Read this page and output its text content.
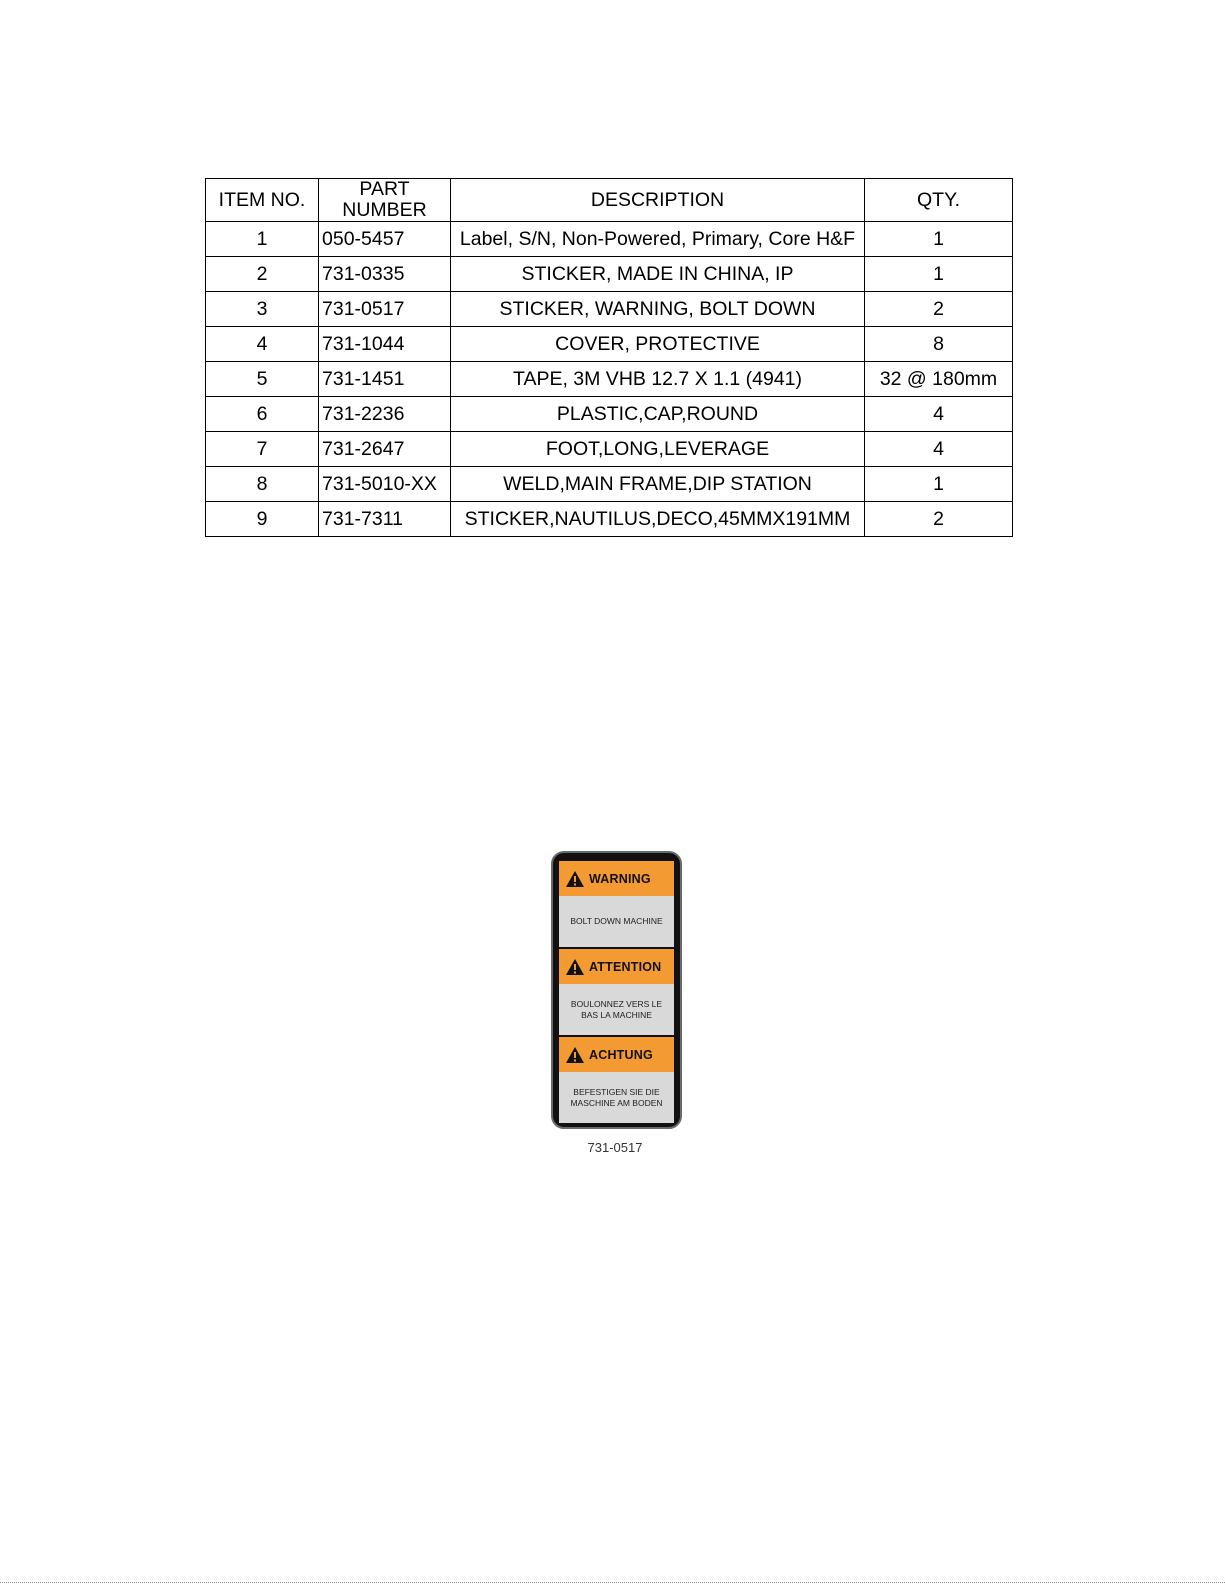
ITEM NO.	PART NUMBER	DESCRIPTION	QTY.
1	050-5457	Label, S/N, Non-Powered, Primary, Core H&F	1
2	731-0335	STICKER, MADE IN CHINA, IP	1
3	731-0517	STICKER, WARNING, BOLT DOWN	2
4	731-1044	COVER, PROTECTIVE	8
5	731-1451	TAPE, 3M VHB 12.7 X 1.1 (4941)	32 @ 180mm
6	731-2236	PLASTIC,CAP,ROUND	4
7	731-2647	FOOT,LONG,LEVERAGE	4
8	731-5010-XX	WELD,MAIN FRAME,DIP STATION	1
9	731-7311	STICKER,NAUTILUS,DECO,45MMX191MM	2
WARNING
BOLT DOWN MACHINE
ATTENTION
BOULONNEZ VERS LE BAS LA MACHINE
ACHTUNG
BEFESTIGEN SIE DIE MASCHINE AM BODEN
731-0517
